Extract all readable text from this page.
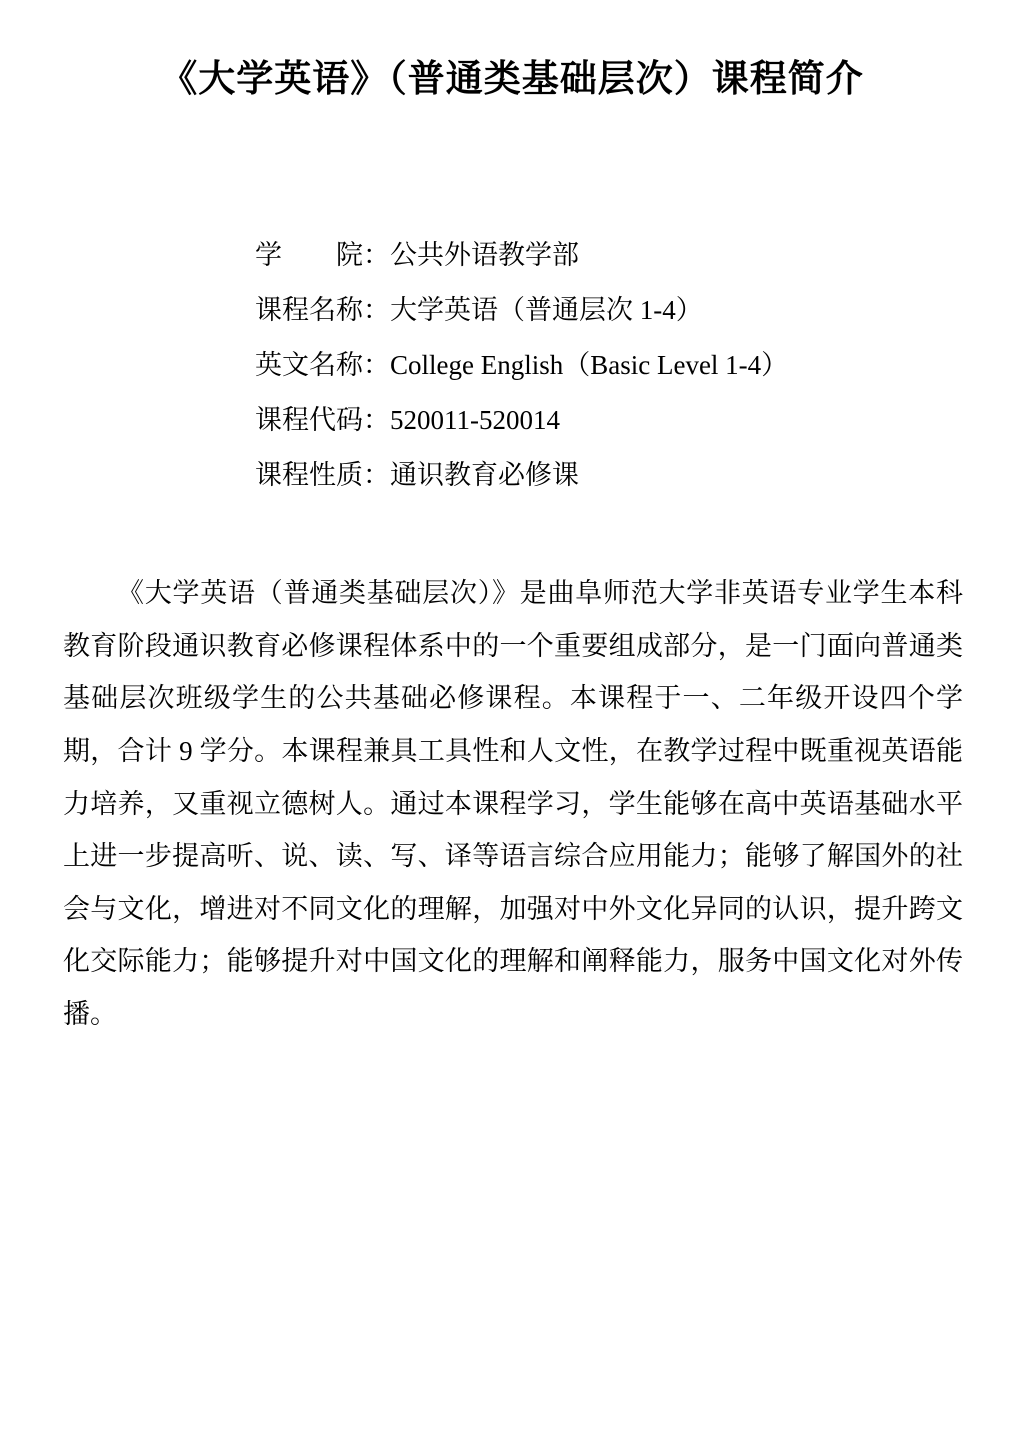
《大学英语》（普通类基础层次）课程简介
学　　院：公共外语教学部
课程名称：大学英语（普通层次 1-4）
英文名称：College English（Basic Level 1-4）
课程代码：520011-520014
课程性质：通识教育必修课

《大学英语（普通类基础层次）》是曲阜师范大学非英语专业学生本科教育阶段通识教育必修课程体系中的一个重要组成部分，是一门面向普通类基础层次班级学生的公共基础必修课程。本课程于一、二年级开设四个学期，合计 9 学分。本课程兼具工具性和人文性，在教学过程中既重视英语能力培养，又重视立德树人。通过本课程学习，学生能够在高中英语基础水平上进一步提高听、说、读、写、译等语言综合应用能力；能够了解国外的社会与文化，增进对不同文化的理解，加强对中外文化异同的认识，提升跨文化交际能力；能够提升对中国文化的理解和阐释能力，服务中国文化对外传播。
